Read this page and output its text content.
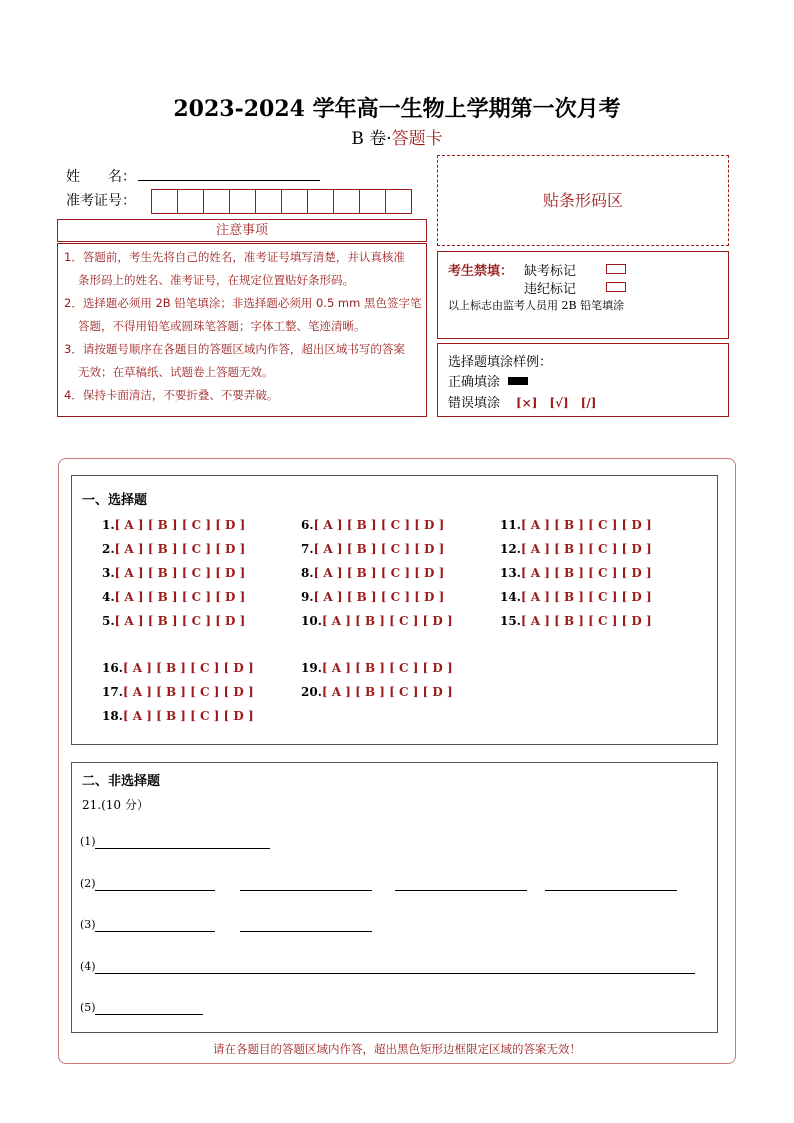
2023-2024 学年高一生物上学期第一次月考
B 卷·答题卡
姓　　名：
准考证号：
注意事项

1．答题前，考生先将自己的姓名，准考证号填写清楚，并认真核准

条形码上的姓名、准考证号，在规定位置贴好条形码。

2．选择题必须用 2B 铅笔填涂；非选择题必须用 0.5 mm 黑色签字笔

答题，不得用铅笔或圆珠笔答题；字体工整、笔迹清晰。

3．请按题号顺序在各题目的答题区域内作答，超出区域书写的答案

无效；在草稿纸、试题卷上答题无效。

4．保持卡面清洁，不要折叠、不要弄破。

贴条形码区
考生禁填： 缺考标记
违纪标记
以上标志由监考人员用 2B 铅笔填涂
选择题填涂样例：
正确填涂
错误填涂 [×]　[√]　[/]
一、选择题
1.[ A ] [ B ] [ C ] [ D ]
2.[ A ] [ B ] [ C ] [ D ]
3.[ A ] [ B ] [ C ] [ D ]
4.[ A ] [ B ] [ C ] [ D ]
5.[ A ] [ B ] [ C ] [ D ]
6.[ A ] [ B ] [ C ] [ D ]
7.[ A ] [ B ] [ C ] [ D ]
8.[ A ] [ B ] [ C ] [ D ]
9.[ A ] [ B ] [ C ] [ D ]
10.[ A ] [ B ] [ C ] [ D ]
11.[ A ] [ B ] [ C ] [ D ]
12.[ A ] [ B ] [ C ] [ D ]
13.[ A ] [ B ] [ C ] [ D ]
14.[ A ] [ B ] [ C ] [ D ]
15.[ A ] [ B ] [ C ] [ D ]
16.[ A ] [ B ] [ C ] [ D ]
17.[ A ] [ B ] [ C ] [ D ]
18.[ A ] [ B ] [ C ] [ D ]
19.[ A ] [ B ] [ C ] [ D ]
20.[ A ] [ B ] [ C ] [ D ]
二、非选择题
21.(10 分）
(1)
(2)
(3)
(4)
(5)
请在各题目的答题区域内作答，超出黑色矩形边框限定区域的答案无效！
